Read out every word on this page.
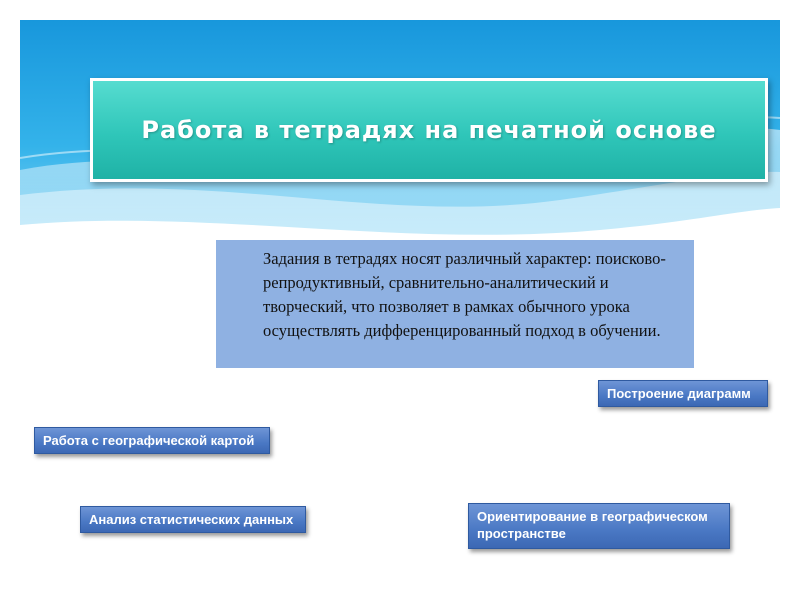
Работа в тетрадях на печатной основе
Задания в тетрадях носят различный характер: поисково-репродуктивный, сравнительно-аналитический и творческий, что позволяет в рамках обычного урока осуществлять дифференцированный подход в обучении.
Построение диаграмм
Работа с географической картой
Анализ статистических данных	Ориентирование в географическом пространстве
